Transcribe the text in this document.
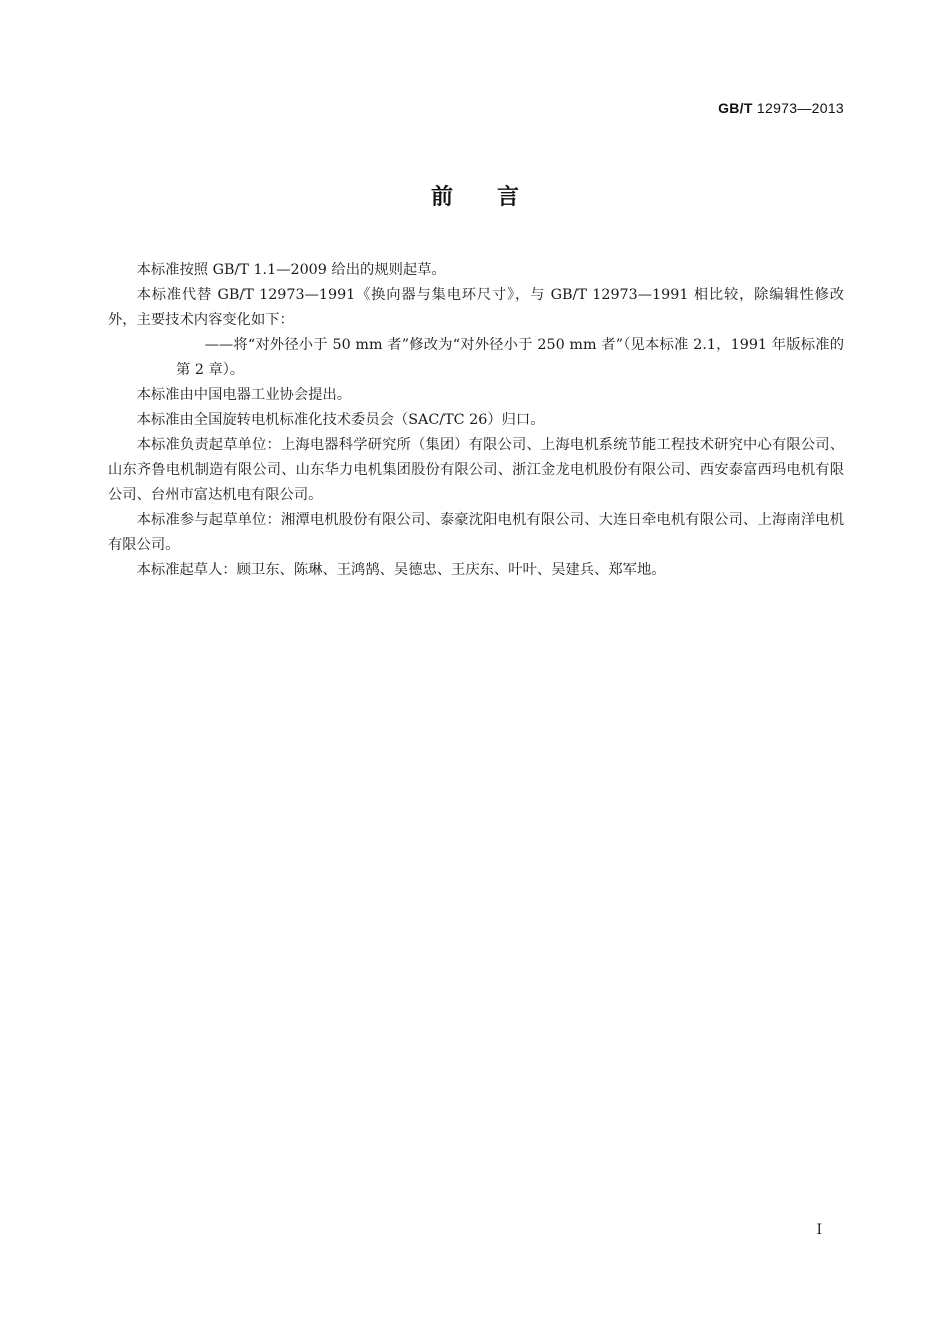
GB/T 12973—2013
前言

本标准按照 GB/T 1.1—2009 给出的规则起草。

本标准代替 GB/T 12973—1991《换向器与集电环尺寸》，与 GB/T 12973—1991 相比较，除编辑性修改外，主要技术内容变化如下：

——将“对外径小于 50 mm 者”修改为“对外径小于 250 mm 者”（见本标准 2.1，1991 年版标准的第 2 章）。

本标准由中国电器工业协会提出。

本标准由全国旋转电机标准化技术委员会（SAC/TC 26）归口。

本标准负责起草单位：上海电器科学研究所（集团）有限公司、上海电机系统节能工程技术研究中心有限公司、山东齐鲁电机制造有限公司、山东华力电机集团股份有限公司、浙江金龙电机股份有限公司、西安泰富西玛电机有限公司、台州市富达机电有限公司。

本标准参与起草单位：湘潭电机股份有限公司、泰豪沈阳电机有限公司、大连日牵电机有限公司、上海南洋电机有限公司。

本标准起草人：顾卫东、陈琳、王鸿鹄、吴德忠、王庆东、叶叶、吴建兵、郑军地。

I
